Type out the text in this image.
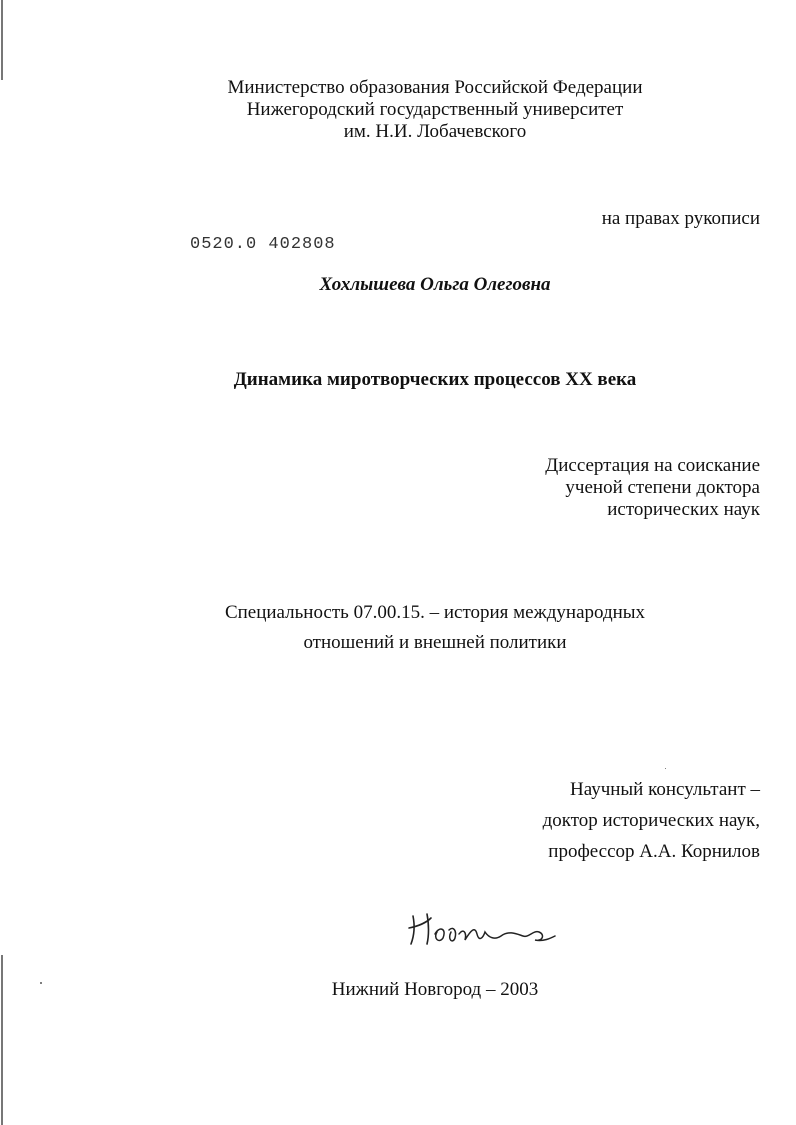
Министерство образования Российской Федерации
Нижегородский государственный университет
им. Н.И. Лобачевского
на правах рукописи
0520.0 402808
Хохлышева Ольга Олеговна
Динамика миротворческих процессов XX века
Диссертация на соискание
ученой степени доктора
исторических наук
Специальность 07.00.15. – история международных
отношений и внешней политики
Научный консультант –
доктор исторических наук,
профессор А.А. Корнилов
Нижний Новгород – 2003
